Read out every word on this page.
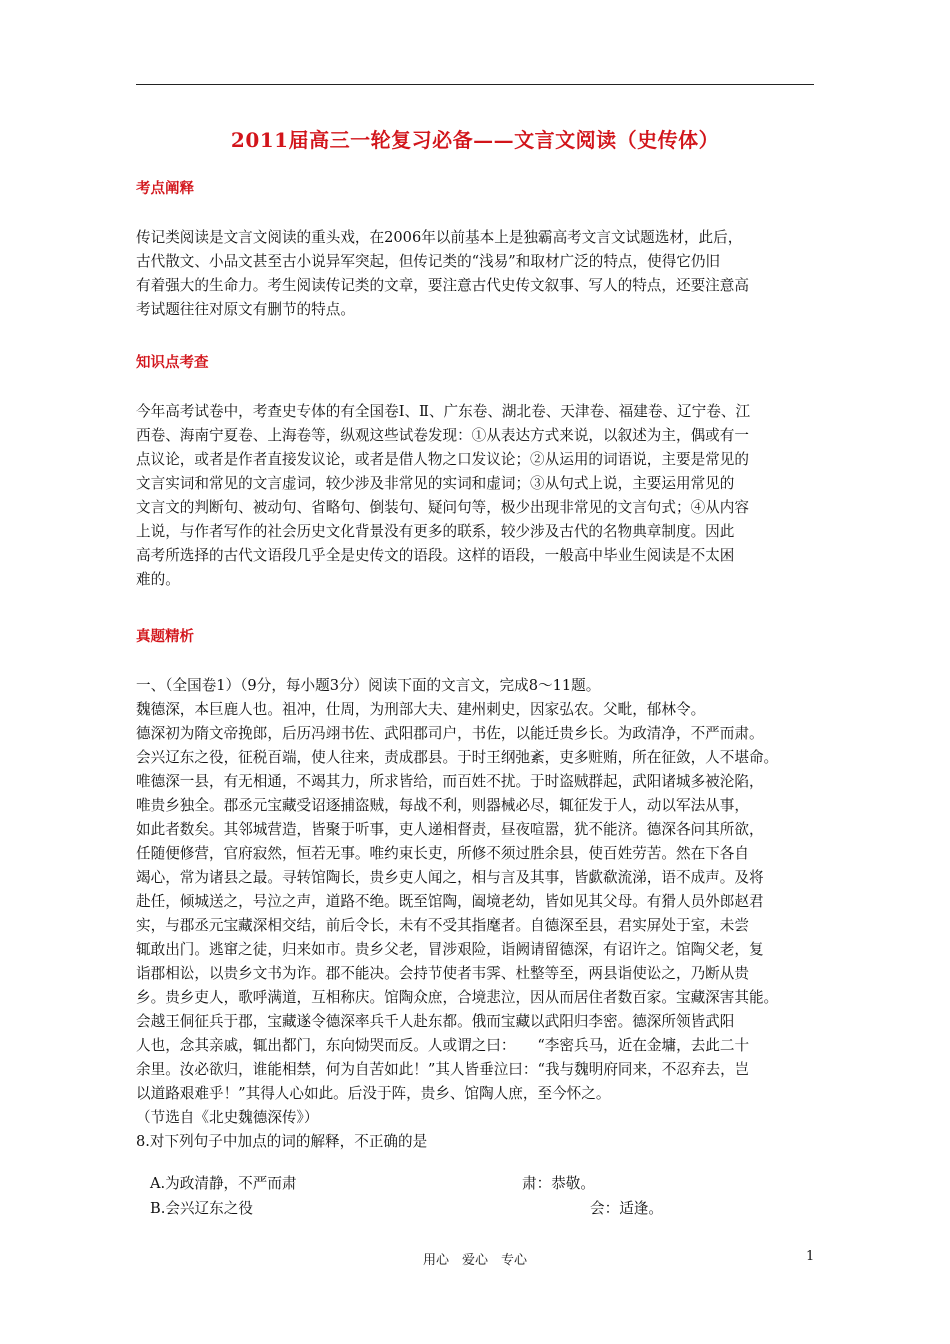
2011届高三一轮复习必备——文言文阅读（史传体）
考点阐释
传记类阅读是文言文阅读的重头戏，在2006年以前基本上是独霸高考文言文试题选材，此后，
古代散文、小品文甚至古小说异军突起，但传记类的“浅易”和取材广泛的特点，使得它仍旧
有着强大的生命力。考生阅读传记类的文章，要注意古代史传文叙事、写人的特点，还要注意高
考试题往往对原文有删节的特点。
知识点考查
今年高考试卷中，考查史专体的有全国卷Ⅰ、Ⅱ、广东卷、湖北卷、天津卷、福建卷、辽宁卷、江
西卷、海南宁夏卷、上海卷等，纵观这些试卷发现：①从表达方式来说，以叙述为主，偶或有一
点议论，或者是作者直接发议论，或者是借人物之口发议论；②从运用的词语说，主要是常见的
文言实词和常见的文言虚词，较少涉及非常见的实词和虚词；③从句式上说，主要运用常见的
文言文的判断句、被动句、省略句、倒装句、疑问句等，极少出现非常见的文言句式；④从内容
上说，与作者写作的社会历史文化背景没有更多的联系，较少涉及古代的名物典章制度。因此
高考所选择的古代文语段几乎全是史传文的语段。这样的语段，一般高中毕业生阅读是不太困
难的。
真题精析
一、（全国卷1）（9分，每小题3分）阅读下面的文言文，完成8～11题。
魏德深，本巨鹿人也。祖冲，仕周，为刑部大夫、建州刺史，因家弘农。父毗，郁林令。
德深初为隋文帝挽郎，后历冯翊书佐、武阳郡司户，书佐，以能迁贵乡长。为政清净，不严而肃。
会兴辽东之役，征税百端，使人往来，责成郡县。于时王纲弛紊，吏多赃贿，所在征敛，人不堪命。
唯德深一县，有无相通，不竭其力，所求皆给，而百姓不扰。于时盗贼群起，武阳诸城多被沦陷，
唯贵乡独全。郡丞元宝藏受诏逐捕盗贼，每战不利，则器械必尽，辄征发于人，动以军法从事，
如此者数矣。其邻城营造，皆聚于听事，吏人递相督责，昼夜喧嚣，犹不能济。德深各问其所欲，
任随便修营，官府寂然，恒若无事。唯约束长吏，所修不须过胜余县，使百姓劳苦。然在下各自
竭心，常为诸县之最。寻转馆陶长，贵乡吏人闻之，相与言及其事，皆歔欷流涕，语不成声。及将
赴任，倾城送之，号泣之声，道路不绝。既至馆陶，阖境老幼，皆如见其父母。有猾人员外郎赵君
实，与郡丞元宝藏深相交结，前后令长，未有不受其指麾者。自德深至县，君实屏处于室，未尝
辄敢出门。逃窜之徒，归来如市。贵乡父老，冒涉艰险，诣阙请留德深，有诏许之。馆陶父老，复
诣郡相讼，以贵乡文书为诈。郡不能决。会持节使者韦霁、杜整等至，两县诣使讼之，乃断从贵
乡。贵乡吏人，歌呼满道，互相称庆。馆陶众庶，合境悲泣，因从而居住者数百家。宝藏深害其能。
会越王侗征兵于郡，宝藏遂令德深率兵千人赴东都。俄而宝藏以武阳归李密。德深所领皆武阳
人也，念其亲戚，辄出都门，东向恸哭而反。人或谓之曰：　　“李密兵马，近在金墉，去此二十
余里。汝必欲归，谁能相禁，何为自苦如此！”其人皆垂泣曰：“我与魏明府同来，不忍弃去，岂
以道路艰难乎！”其得人心如此。后没于阵，贵乡、馆陶人庶，至今怀之。
（节选自《北史魏德深传》）
8.对下列句子中加点的词的解释，不正确的是
A.为政清静，不严而肃	肃：恭敬。
B.会兴辽东之役	会：适逢。
用心　爱心　专心	1
